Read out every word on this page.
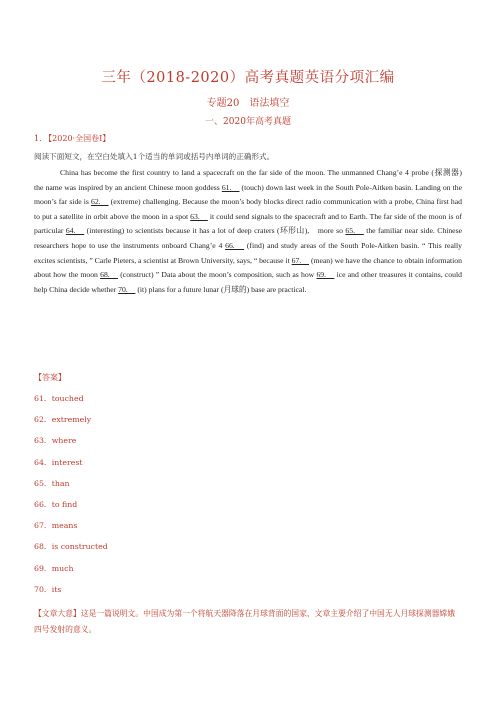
三年（2018-2020）高考真题英语分项汇编
专题20　语法填空
一、2020年高考真题
1. 【2020·全国卷Ⅰ】
阅读下面短文，在空白处填入1个适当的单词或括号内单词的正确形式。

China has become the first country to land a spacecraft on the far side of the moon. The unmanned Chang’e 4 probe (探测器)　the name was inspired by an ancient Chinese moon goddess 61.　 (touch) down last week in the South Pole-Aitken basin. Landing on the moon’s far side is 62.　 (extreme) challenging. Because the moon’s body blocks direct radio communication with a probe, China first had to put a satellite in orbit above the moon in a spot 63.　 it could send signals to the spacecraft and to Earth. The far side of the moon is of particular 64.　 (interesting) to scientists because it has a lot of deep craters (环形山),　more so 65.　 the familiar near side. Chinese researchers hope to use the instruments onboard Chang’e 4 66.　 (find) and study areas of the South Pole-Aitken basin. “ This really excites scientists, ” Carle Pieters, a scientist at Brown University, says, “ because it 67.　 (mean) we have the chance to obtain information about how the moon 68.　 (construct) ” Data about the moon’s composition, such as how 69.　 ice and other treasures it contains, could help China decide whether 70.　 (it) plans for a future lunar (月球的) base are practical.

【答案】
61．touched
62．extremely
63．where
64．interest
65．than
66．to find
67．means
68．is constructed
69．much
70．its
【文章大意】这是一篇说明文。中国成为第一个将航天器降落在月球背面的国家，文章主要介绍了中国无人月球探测器嫦娥四号发射的意义。
